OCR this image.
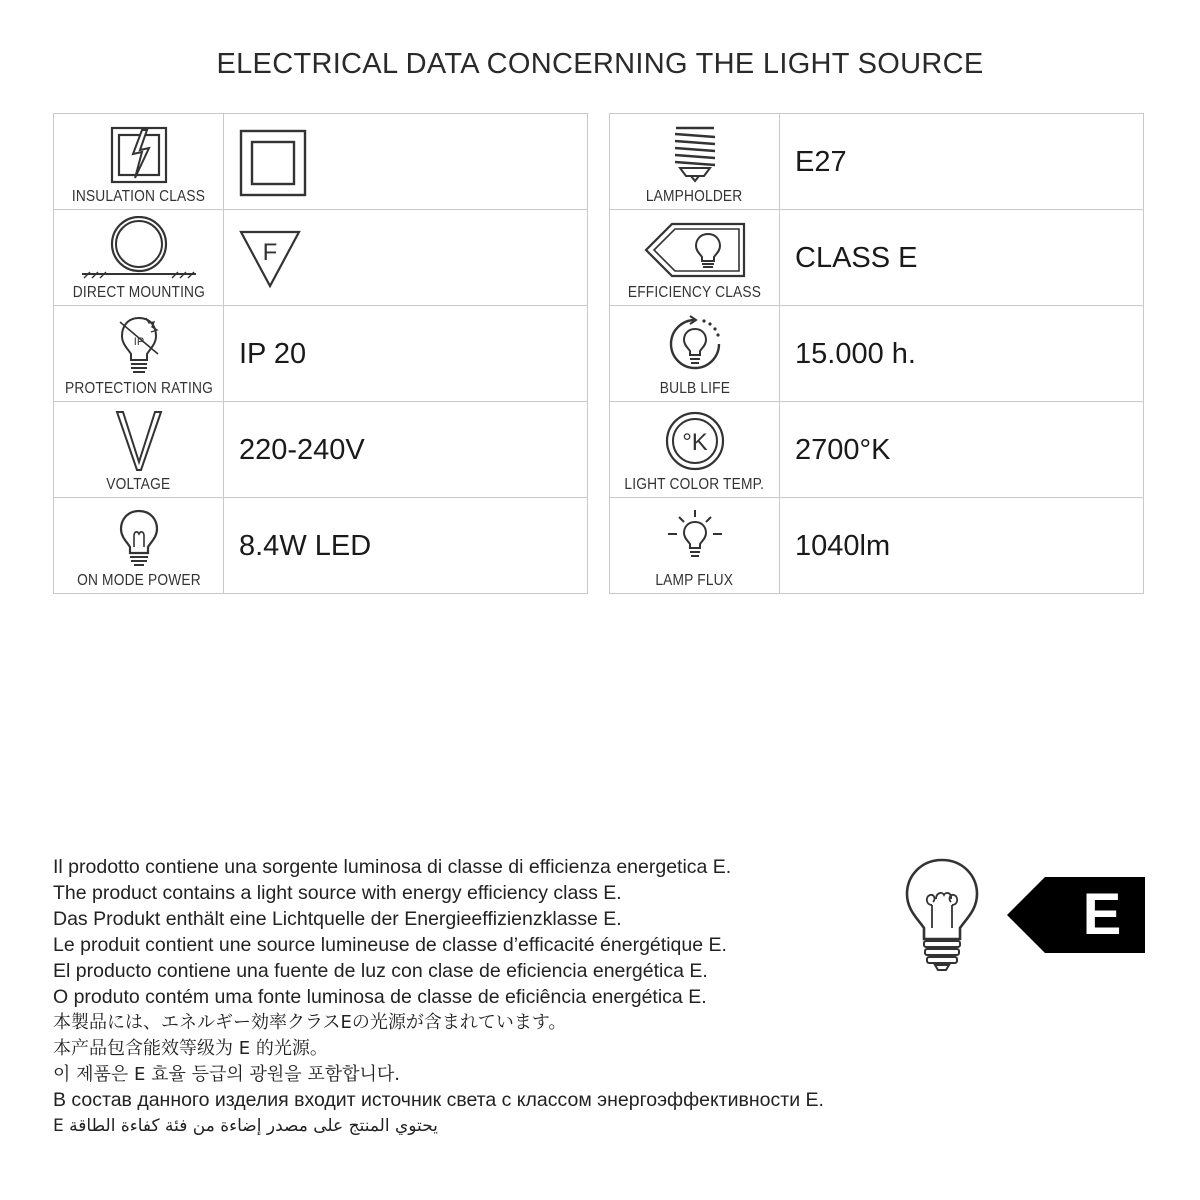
ELECTRICAL DATA CONCERNING THE LIGHT SOURCE
INSULATION CLASS
DIRECT MOUNTING
F
IP
PROTECTION RATING
IP 20
VOLTAGE
220-240V
ON MODE POWER
8.4W LED
LAMPHOLDER
E27
EFFICIENCY CLASS
CLASS E
BULB LIFE
15.000 h.
°K
LIGHT COLOR TEMP.
2700°K
LAMP FLUX
1040lm
Il prodotto contiene una sorgente luminosa di classe di efficienza energetica E.
The product contains a light source with energy efficiency class E.
Das Produkt enthält eine Lichtquelle der Energieeffizienzklasse E.
Le produit contient une source lumineuse de classe d’efficacité énergétique E.
El producto contiene una fuente de luz con clase de eficiencia energética E.
O produto contém uma fonte luminosa de classe de eficiência energética E.
本製品には、エネルギー効率クラスEの光源が含まれています。
本产品包含能效等级为 E 的光源。
이 제품은 E 효율 등급의 광원을 포함합니다.
В состав данного изделия входит источник света с классом энергоэффективности E.
E يحتوي المنتج على مصدر إضاءة من فئة كفاءة الطاقة
E
